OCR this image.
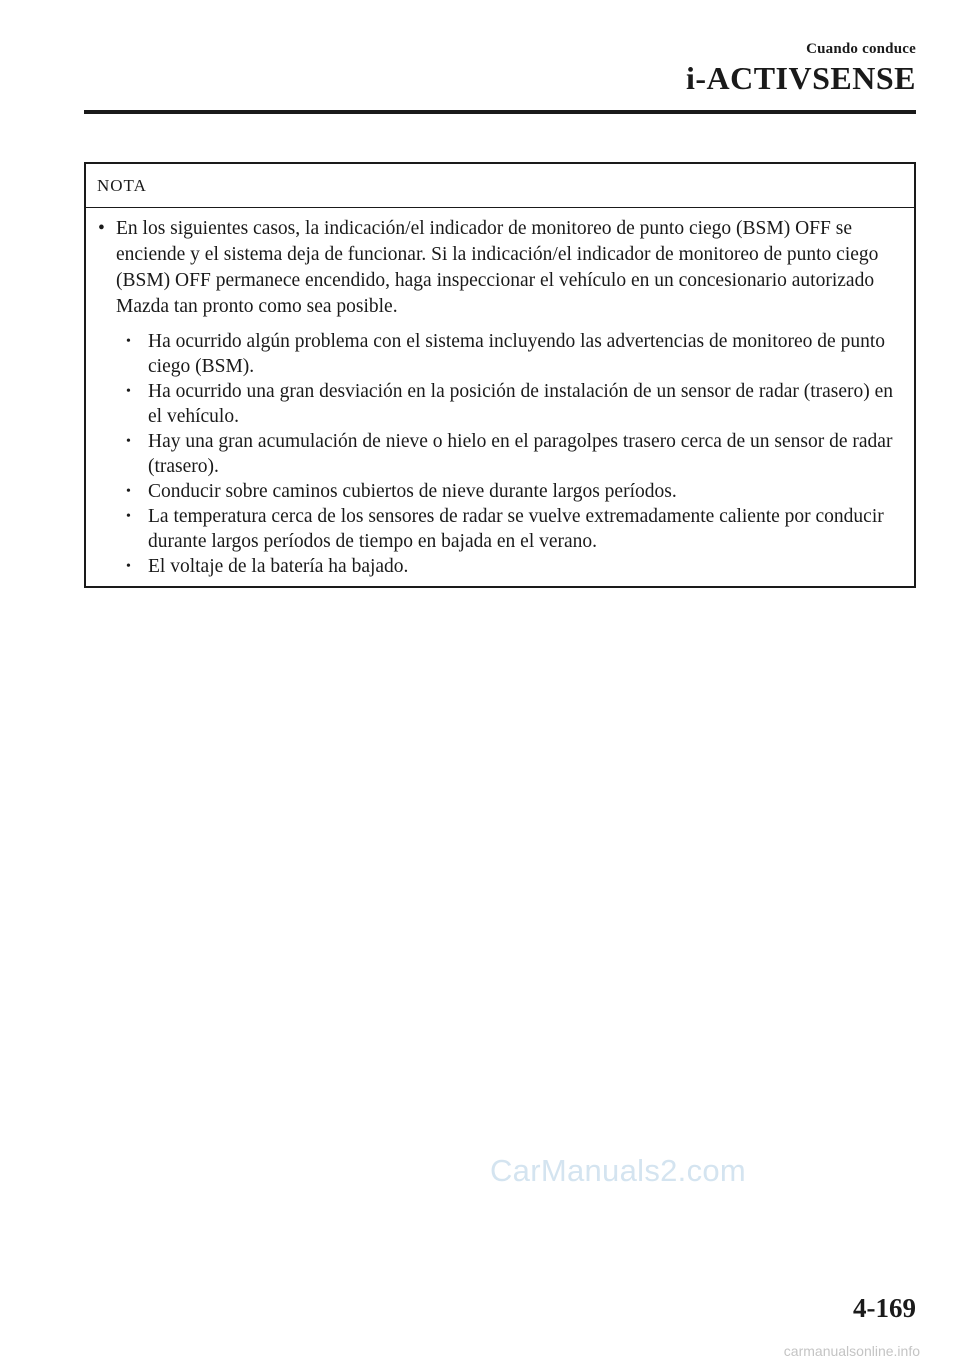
Cuando conduce
i-ACTIVSENSE
NOTA
• En los siguientes casos, la indicación/el indicador de monitoreo de punto ciego (BSM) OFF se enciende y el sistema deja de funcionar. Si la indicación/el indicador de monitoreo de punto ciego (BSM) OFF permanece encendido, haga inspeccionar el vehículo en un concesionario autorizado Mazda tan pronto como sea posible.
• Ha ocurrido algún problema con el sistema incluyendo las advertencias de monitoreo de punto ciego (BSM).
• Ha ocurrido una gran desviación en la posición de instalación de un sensor de radar (trasero) en el vehículo.
• Hay una gran acumulación de nieve o hielo en el paragolpes trasero cerca de un sensor de radar (trasero).
• Conducir sobre caminos cubiertos de nieve durante largos períodos.
• La temperatura cerca de los sensores de radar se vuelve extremadamente caliente por conducir durante largos períodos de tiempo en bajada en el verano.
• El voltaje de la batería ha bajado.
CarManuals2.com
4-169
carmanualsonline.info
